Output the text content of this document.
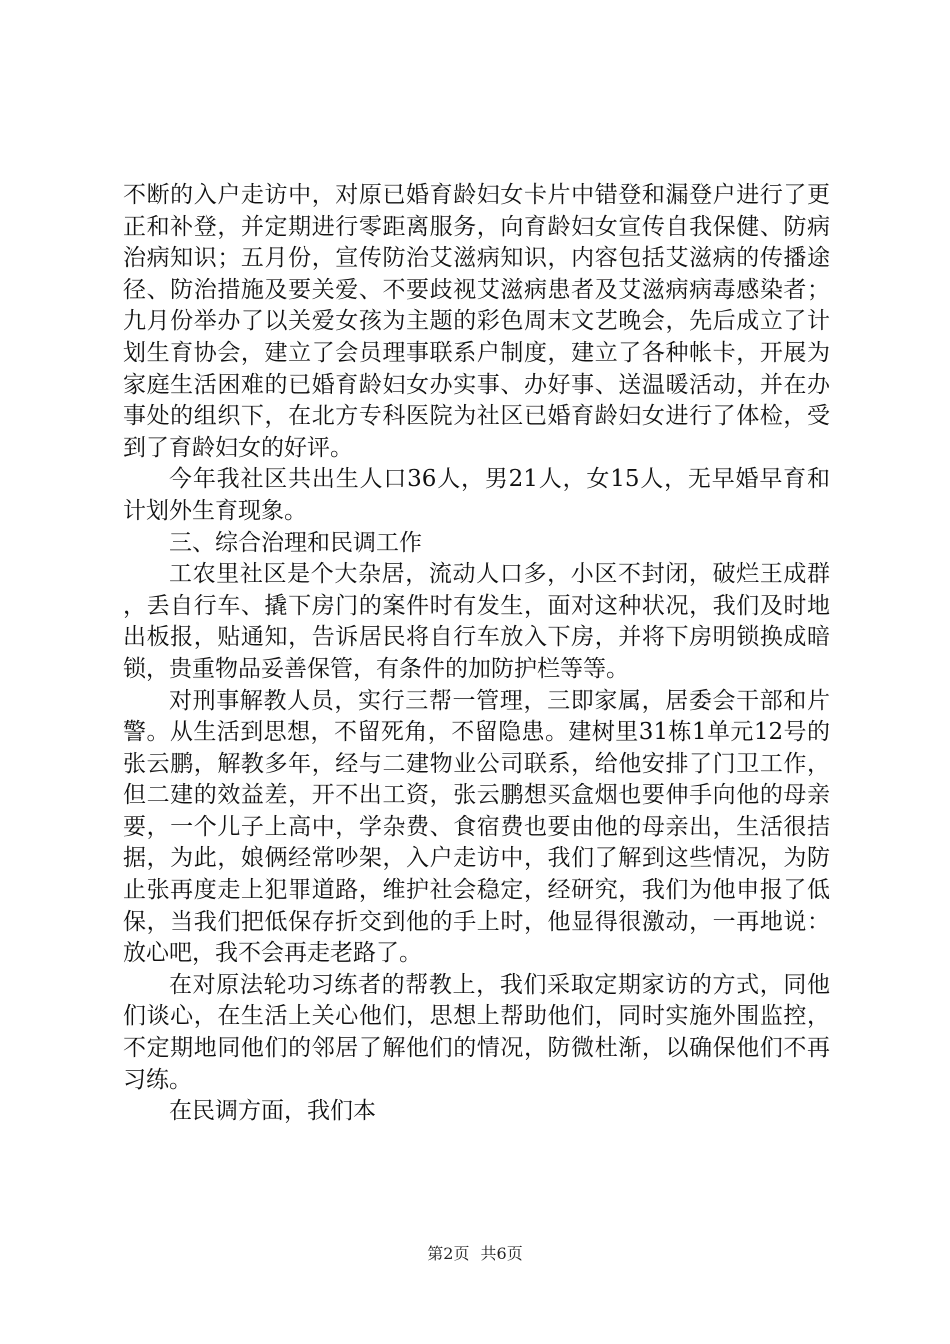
不断的入户走访中，对原已婚育龄妇女卡片中错登和漏登户进行了更正和补登，并定期进行零距离服务，向育龄妇女宣传自我保健、防病治病知识；五月份，宣传防治艾滋病知识，内容包括艾滋病的传播途径、防治措施及要关爱、不要歧视艾滋病患者及艾滋病病毒感染者；九月份举办了以关爱女孩为主题的彩色周末文艺晚会，先后成立了计划生育协会，建立了会员理事联系户制度，建立了各种帐卡，开展为家庭生活困难的已婚育龄妇女办实事、办好事、送温暖活动，并在办事处的组织下，在北方专科医院为社区已婚育龄妇女进行了体检，受到了育龄妇女的好评。

今年我社区共出生人口36人，男21人，女15人，无早婚早育和计划外生育现象。

三、综合治理和民调工作

工农里社区是个大杂居，流动人口多，小区不封闭，破烂王成群，丢自行车、撬下房门的案件时有发生，面对这种状况，我们及时地出板报，贴通知，告诉居民将自行车放入下房，并将下房明锁换成暗锁，贵重物品妥善保管，有条件的加防护栏等等。

对刑事解教人员，实行三帮一管理，三即家属，居委会干部和片警。从生活到思想，不留死角，不留隐患。建树里31栋1单元12号的张云鹏，解教多年，经与二建物业公司联系，给他安排了门卫工作，但二建的效益差，开不出工资，张云鹏想买盒烟也要伸手向他的母亲要，一个儿子上高中，学杂费、食宿费也要由他的母亲出，生活很拮据，为此，娘俩经常吵架，入户走访中，我们了解到这些情况，为防止张再度走上犯罪道路，维护社会稳定，经研究，我们为他申报了低保，当我们把低保存折交到他的手上时，他显得很激动，一再地说：放心吧，我不会再走老路了。

在对原法轮功习练者的帮教上，我们采取定期家访的方式，同他们谈心，在生活上关心他们，思想上帮助他们，同时实施外围监控，不定期地同他们的邻居了解他们的情况，防微杜渐，以确保他们不再习练。

在民调方面，我们本

第2页 共6页
